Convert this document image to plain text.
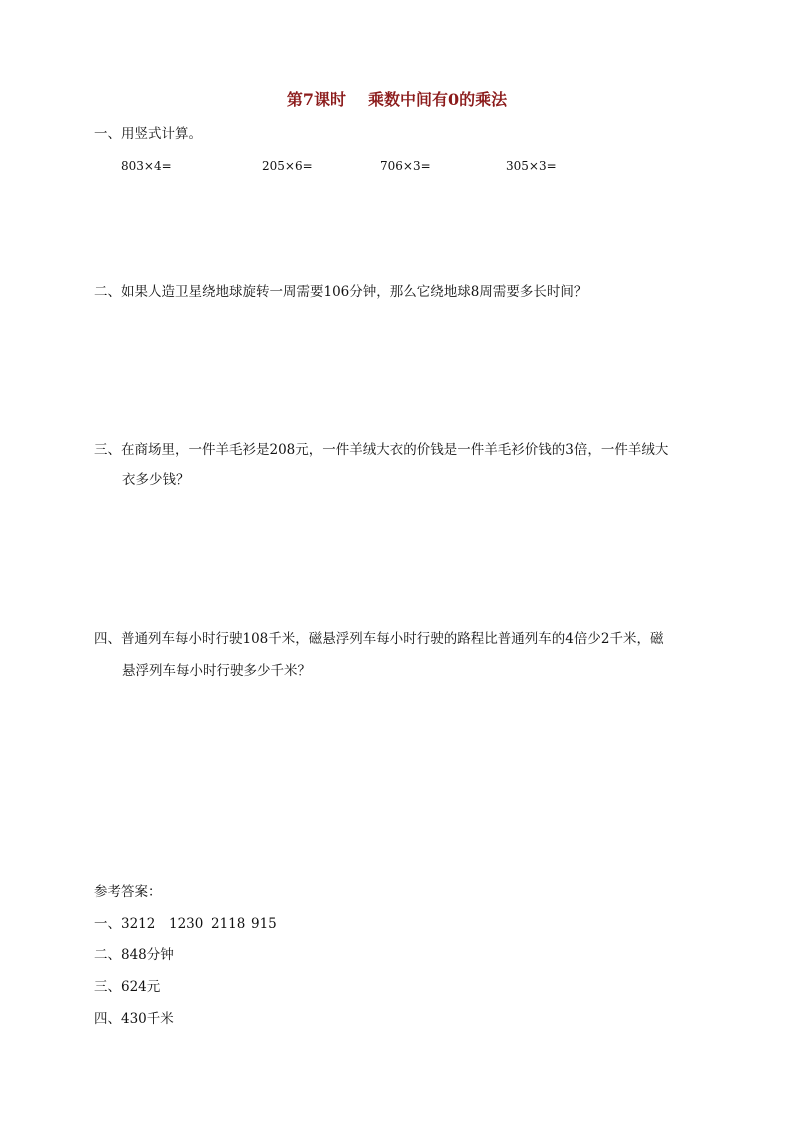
第7课时 乘数中间有0的乘法
一、用竖式计算。
803×4=	205×6=	706×3=	305×3=
二、如果人造卫星绕地球旋转一周需要106分钟，那么它绕地球8周需要多长时间？
三、在商场里，一件羊毛衫是208元，一件羊绒大衣的价钱是一件羊毛衫价钱的3倍，一件羊绒大
衣多少钱？
四、普通列车每小时行驶108千米，磁悬浮列车每小时行驶的路程比普通列车的4倍少2千米，磁
悬浮列车每小时行驶多少千米？
参考答案：
一、3212 1230 2118 915
二、848分钟
三、624元
四、430千米
